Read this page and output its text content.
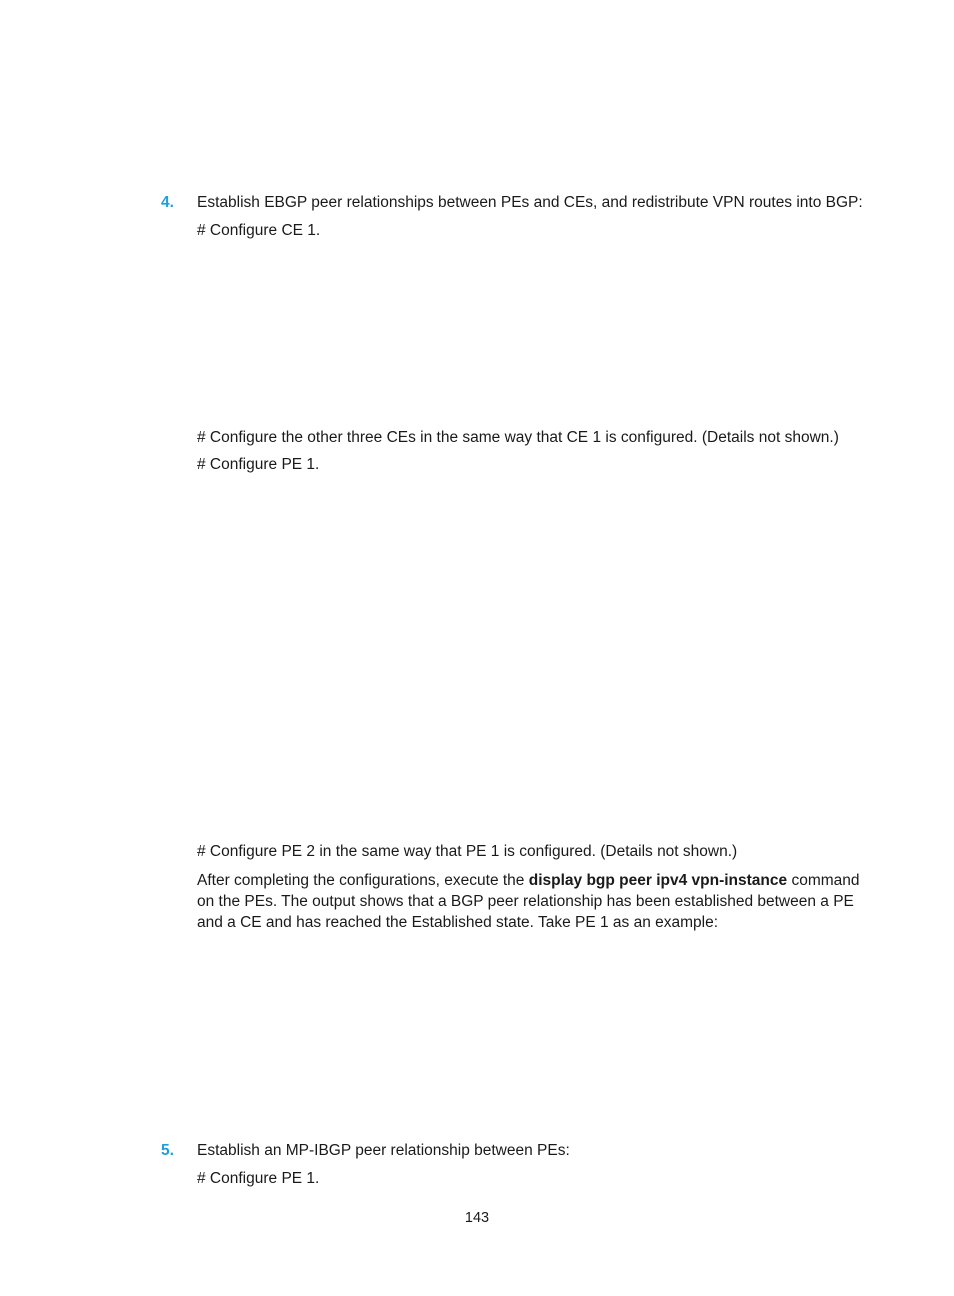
4. Establish EBGP peer relationships between PEs and CEs, and redistribute VPN routes into BGP:
# Configure CE 1.
# Configure the other three CEs in the same way that CE 1 is configured. (Details not shown.)
# Configure PE 1.
# Configure PE 2 in the same way that PE 1 is configured. (Details not shown.)
After completing the configurations, execute the display bgp peer ipv4 vpn-instance command on the PEs. The output shows that a BGP peer relationship has been established between a PE and a CE and has reached the Established state. Take PE 1 as an example:
5. Establish an MP-IBGP peer relationship between PEs:
# Configure PE 1.
143
